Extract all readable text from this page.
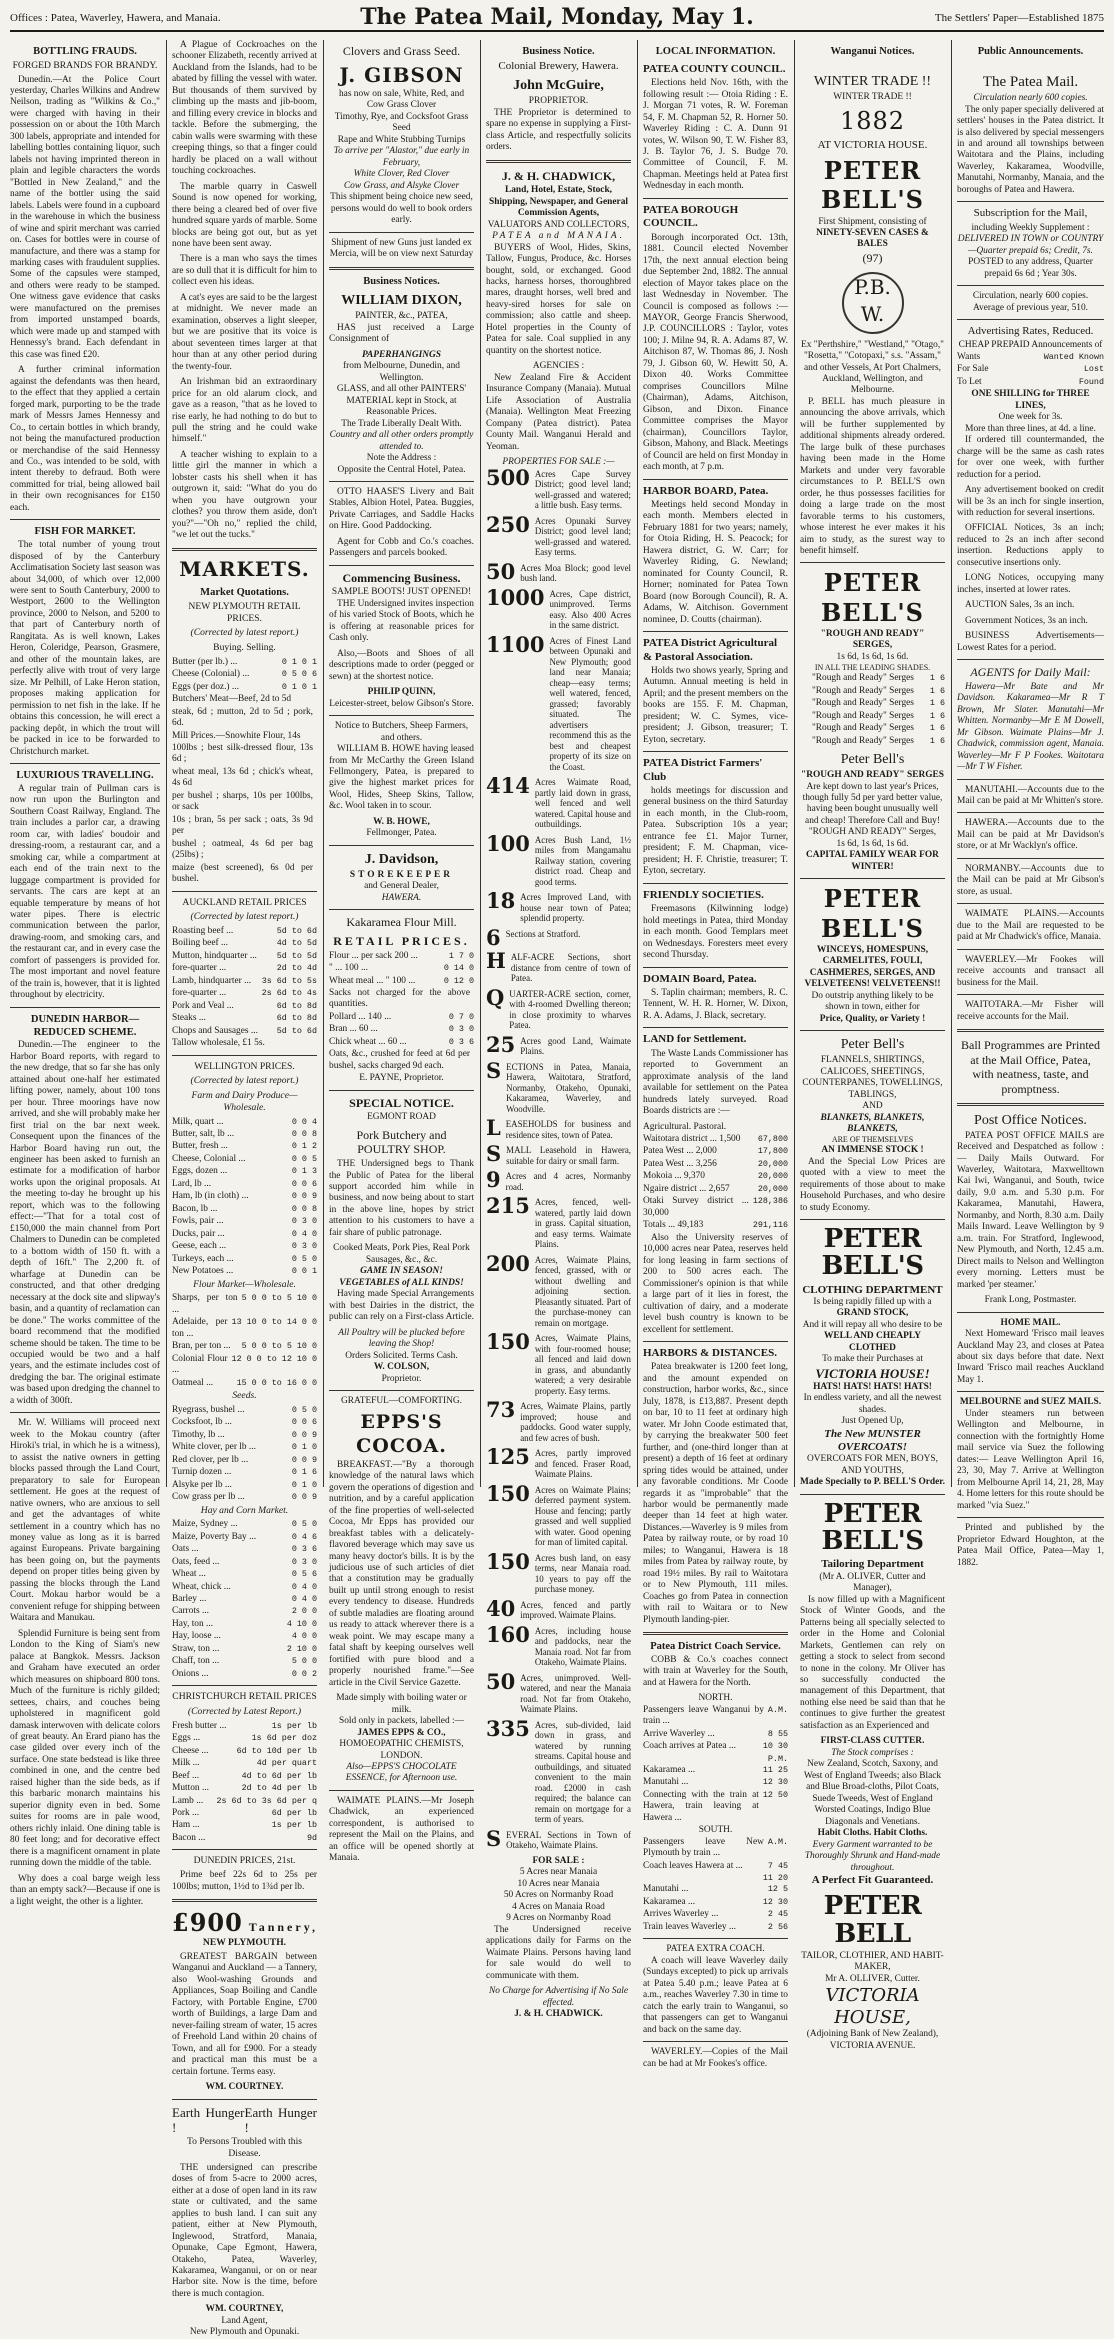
Offices : Patea, Waverley, Hawera, and Manaia.	The Patea Mail, Monday, May 1.	The Settlers' Paper—Established 1875
BOTTLING FRAUDS.
FORGED BRANDS FOR BRANDY.

Dunedin.—At the Police Court yesterday, Charles Wilkins and Andrew Neilson, trading as "Wilkins & Co.," were charged with having in their possession on or about the 10th March 300 labels, appropriate and intended for labelling bottles containing liquor, such labels not having imprinted thereon in plain and legible characters the words "Bottled in New Zealand," and the name of the bottler using the said labels. Labels were found in a cupboard in the warehouse in which the business of wine and spirit merchant was carried on. Cases for bottles were in course of manufacture, and there was a stamp for marking cases with fraudulent supplies. Some of the capsules were stamped, and others were ready to be stamped. One witness gave evidence that casks were manufactured on the premises from imported unstamped boards, which were made up and stamped with Hennessy's brand. Each defendant in this case was fined £20.

A further criminal information against the defendants was then heard, to the effect that they applied a certain forged mark, purporting to be the trade mark of Messrs James Hennessy and Co., to certain bottles in which brandy, not being the manufactured production or merchandise of the said Hennessy and Co., was intended to be sold, with intent thereby to defraud. Both were committed for trial, being allowed bail in their own recognisances for £150 each.

FISH FOR MARKET.

The total number of young trout disposed of by the Canterbury Acclimatisation Society last season was about 34,000, of which over 12,000 were sent to South Canterbury, 2000 to Westport, 2600 to the Wellington province, 2000 to Nelson, and 5200 to that part of Canterbury north of Rangitata. As is well known, Lakes Heron, Coleridge, Pearson, Grasmere, and other of the mountain lakes, are perfectly alive with trout of very large size. Mr Pelhill, of Lake Heron station, proposes making application for permission to net fish in the lake. If he obtains this concession, he will erect a packing depôt, in which the trout will be packed in ice to be forwarded to Christchurch market.

LUXURIOUS TRAVELLING.

A regular train of Pullman cars is now run upon the Burlington and Southern Coast Railway, England. The train includes a parlor car, a drawing room car, with ladies' boudoir and dressing-room, a restaurant car, and a smoking car, while a compartment at each end of the train next to the luggage compartment is provided for servants. The cars are kept at an equable temperature by means of hot water pipes. There is electric communication between the parlor, drawing-room, and smoking cars, and the restaurant car, and in every case the comfort of passengers is provided for. The most important and novel feature of the train is, however, that it is lighted throughout by electricity.

DUNEDIN HARBOR—REDUCED SCHEME.

Dunedin.—The engineer to the Harbor Board reports, with regard to the new dredge, that so far she has only attained about one-half her estimated lifting power, namely, about 100 tons per hour. Three moorings have now arrived, and she will probably make her first trial on the bar next week. Consequent upon the finances of the Harbor Board having run out, the engineer has been asked to furnish an estimate for a modification of harbor works upon the original proposals. At the meeting to-day he brought up his report, which was to the following effect:—"That for a total cost of £150,000 the main channel from Port Chalmers to Dunedin can be completed to a bottom width of 150 ft. with a depth of 16ft." The 2,200 ft. of wharfage at Dunedin can be constructed, and that other dredging necessary at the dock site and slipway's basin, and a quantity of reclamation can be done." The works committee of the board recommend that the modified scheme should be taken. The time to be occupied would be two and a half years, and the estimate includes cost of dredging the bar. The original estimate was based upon dredging the channel to a width of 300ft.

Mr. W. Williams will proceed next week to the Mokau country (after Hiroki's trial, in which he is a witness), to assist the native owners in getting blocks passed through the Land Court, preparatory to sale for European settlement. He goes at the request of native owners, who are anxious to sell and get the advantages of white settlement in a country which has no money value as long as it is barred against Europeans. Private bargaining has been going on, but the payments depend on proper titles being given by passing the blocks through the Land Court. Mokau harbor would be a convenient refuge for shipping between Waitara and Manukau.

Splendid Furniture is being sent from London to the King of Siam's new palace at Bangkok. Messrs. Jackson and Graham have executed an order which measures on shipboard 800 tons. Much of the furniture is richly gilded; settees, chairs, and couches being upholstered in magnificent gold damask interwoven with delicate colors of great beauty. An Erard piano has the case gilded over every inch of the surface. One state bedstead is like three combined in one, and the centre bed raised higher than the side beds, as if this barbaric monarch maintains his superior dignity even in bed. Some suites for rooms are in pale wood, others richly inlaid. One dining table is 80 feet long; and for decorative effect there is a magnificent ornament in plate running down the middle of the table.

Why does a coal barge weigh less than an empty sack?—Because if one is a light weight, the other is a lighter.

A Plague of Cockroaches on the schooner Elizabeth, recently arrived at Auckland from the Islands, had to be abated by filling the vessel with water. But thousands of them survived by climbing up the masts and jib-boom, and filling every crevice in blocks and tackle. Before the submerging, the cabin walls were swarming with these creeping things, so that a finger could hardly be placed on a wall without touching cockroaches.

The marble quarry in Caswell Sound is now opened for working, there being a cleared bed of over five hundred square yards of marble. Some blocks are being got out, but as yet none have been sent away.

There is a man who says the times are so dull that it is difficult for him to collect even his ideas.

A cat's eyes are said to be the largest at midnight. We never made an examination, observes a light sleeper, but we are positive that its voice is about seventeen times larger at that hour than at any other period during the twenty-four.

An Irishman bid an extraordinary price for an old alarum clock, and gave as a reason, "that as he loved to rise early, he had nothing to do but to pull the string and he could wake himself."

A teacher wishing to explain to a little girl the manner in which a lobster casts his shell when it has outgrown it, said: "What do you do when you have outgrown your clothes? you throw them aside, don't you?"—"Oh no," replied the child, "we let out the tucks."

MARKETS.
Market Quotations.
NEW PLYMOUTH RETAIL PRICES.
(Corrected by latest report.)
Buying. Selling.
Butter (per lb.) ...	0 1 0 1
Cheese (Colonial) ...	0 5 0 6
Eggs (per doz.) ...	0 1 0 1
Butchers' Meat—Beef, 2d to 5d
steak, 6d ; mutton, 2d to 5d ; pork, 6d.
Mill Prices.—Snowhite Flour, 14s
100lbs ; best silk-dressed flour, 13s 6d ;
wheat meal, 13s 6d ; chick's wheat, 4s 6d
per bushel ; sharps, 10s per 100lbs, or sack
10s ; bran, 5s per sack ; oats, 3s 9d per
bushel ; oatmeal, 4s 6d per bag (25lbs) ;
maize (best screened), 6s 0d per bushel.
AUCKLAND RETAIL PRICES
(Corrected by latest report.)
Roasting beef ...	5d to 6d
Boiling beef ...	4d to 5d
Mutton, hindquarter ...	5d to 5d
fore-quarter ...	2d to 4d
Lamb, hindquarter ...	3s 6d to 5s
fore-quarter ...	2s 6d to 4s
Pork and Veal ...	6d to 8d
Steaks ...	6d to 8d
Chops and Sausages ...	5d to 6d
Tallow wholesale, £1 5s.
WELLINGTON PRICES.
(Corrected by latest report.)
Farm and Dairy Produce—Wholesale.
Milk, quart ...	0 0 4
Butter, salt, lb ...	0 0 8
Butter, fresh ...	0 1 2
Cheese, Colonial ...	0 0 5
Eggs, dozen ...	0 1 3
Lard, lb ...	0 0 6
Ham, lb (in cloth) ...	0 0 9
Bacon, lb ...	0 0 8
Fowls, pair ...	0 3 0
Ducks, pair ...	0 4 0
Geese, each ...	0 3 0
Turkeys, each ...	0 5 0
New Potatoes ...	0 0 1
Flour Market—Wholesale.
Sharps, per ton ...
5 0 0 to 5 10 0
Adelaide, per ton ...
13 10 0 to 14 0 0
Bran, per ton ...	5 0 0 to 5 10 0
Colonial Flour ...
12 0 0 to 12 10 0
Oatmeal ...	15 0 0 to 16 0 0
Seeds.
Ryegrass, bushel ...	0 5 0
Cocksfoot, lb ...	0 0 6
Timothy, lb ...	0 0 9
White clover, per lb ...	0 1 0
Red clover, per lb ...	0 0 9
Turnip dozen ...	0 1 6
Alsyke per lb ...	0 1 0
Cow grass per lb ...	0 0 9
Hay and Corn Market.
Maize, Sydney ...	0 5 0
Maize, Poverty Bay ...	0 4 6
Oats ...	0 3 6
Oats, feed ...	0 3 0
Wheat ...	0 5 6
Wheat, chick ...	0 4 0
Barley ...	0 4 0
Carrots ...	2 0 0
Hay, ton ...	4 10 0
Hay, loose ...	4 0 0
Straw, ton ...	2 10 0
Chaff, ton ...	5 0 0
Onions ...	0 0 2
CHRISTCHURCH RETAIL PRICES
(Corrected by Latest Report.)
Fresh butter ...	1s per lb
Eggs ...	1s 6d per doz
Cheese ...	6d to 10d per lb
Milk ...	4d per quart
Beef ...	4d to 6d per lb
Mutton ...	2d to 4d per lb
Lamb ...	2s 6d to 3s 6d per q
Pork ...	6d per lb
Ham ...	1s per lb
Bacon ...	9d
DUNEDIN PRICES, 21st.

Prime beef 22s 6d to 25s per 100lbs; mutton, 1½d to 1¾d per lb.

£900 Tannery,
NEW PLYMOUTH.

GREATEST BARGAIN between Wanganui and Auckland — a Tannery, also Wool-washing Grounds and Appliances, Soap Boiling and Candle Factory, with Portable Engine, £700 worth of Buildings, a large Dam and never-failing stream of water, 15 acres of Freehold Land within 20 chains of Town, and all for £900. For a steady and practical man this must be a certain fortune. Terms easy.

WM. COURTNEY.
Earth Hunger !
Earth Hunger !
To Persons Troubled with this Disease.

THE undersigned can prescribe doses of from 5-acre to 2000 acres, either at a dose of open land in its raw state or cultivated, and the same applies to bush land. I can suit any patient, either at New Plymouth, Inglewood, Stratford, Manaia, Opunake, Cape Egmont, Hawera, Otakeho, Patea, Waverley, Kakaramea, Wanganui, or on or near Harbor site. Now is the time, before there is much contagion.

WM. COURTNEY,
Land Agent,
New Plymouth and Opunaki.
Clovers and Grass Seed.
J. GIBSON
has now on sale, White, Red, and Cow Grass Clover
Timothy, Rye, and Cocksfoot Grass Seed
Rape and White Stubbing Turnips
To arrive per "Alastor," due early in February,
White Clover, Red Clover
Cow Grass, and Alsyke Clover
This shipment being choice new seed, persons would do well to book orders early.
Shipment of new Guns just landed ex Mercia, will be on view next Saturday
Business Notices.
WILLIAM DIXON,
PAINTER, &c., PATEA,

HAS just received a Large Consignment of

PAPERHANGINGS
from Melbourne, Dunedin, and Wellington.
GLASS, and all other PAINTERS' MATERIAL kept in Stock, at Reasonable Prices.
The Trade Liberally Dealt With.
Country and all other orders promptly attended to.
Note the Address :
Opposite the Central Hotel, Patea.

OTTO HAASE'S Livery and Bait Stables, Albion Hotel, Patea. Buggies, Private Carriages, and Saddle Hacks on Hire. Good Paddocking.

Agent for Cobb and Co.'s coaches. Passengers and parcels booked.

Commencing Business.
SAMPLE BOOTS! JUST OPENED!

THE Undersigned invites inspection of his varied Stock of Boots, which he is offering at reasonable prices for Cash only.

Also,—Boots and Shoes of all descriptions made to order (pegged or sewn) at the shortest notice.

PHILIP QUINN,
Leicester-street, below Gibson's Store.
Notice to Butchers, Sheep Farmers, and others.

WILLIAM B. HOWE having leased from Mr McCarthy the Green Island Fellmongery, Patea, is prepared to give the highest market prices for Wool, Hides, Sheep Skins, Tallow, &c. Wool taken in to scour.

W. B. HOWE,
Fellmonger, Patea.
J. Davidson,
STOREKEEPER
and General Dealer,
HAWERA.
Kakaramea Flour Mill.
RETAIL PRICES.
Flour ... per sack 200 ...	1 7 0
" ... 100 ...	0 14 0
Wheat meal ... " 100 ...	0 12 0
Sacks not charged for the above quantities.
Pollard ... 140 ...	0 7 0
Bran ... 60 ...	0 3 0
Chick wheat ... 60 ...	0 3 6
Oats, &c., crushed for feed at 6d per bushel, sacks charged 9d each.
E. PAYNE, Proprietor.
SPECIAL NOTICE.
EGMONT ROAD
Pork Butchery and POULTRY SHOP.

THE Undersigned begs to Thank the Public of Patea for the liberal support accorded him while in business, and now being about to start in the above line, hopes by strict attention to his customers to have a fair share of public patronage.

Cooked Meats, Pork Pies, Real Pork Sausages, &c., &c.
GAME IN SEASON! VEGETABLES of ALL KINDS!

Having made Special Arrangements with best Dairies in the district, the public can rely on a First-class Article.

All Poultry will be plucked before leaving the Shop!
Orders Solicited. Terms Cash.
W. COLSON,
Proprietor.
GRATEFUL—COMFORTING.
EPPS'S COCOA.

BREAKFAST.—"By a thorough knowledge of the natural laws which govern the operations of digestion and nutrition, and by a careful application of the fine properties of well-selected Cocoa, Mr Epps has provided our breakfast tables with a delicately-flavored beverage which may save us many heavy doctor's bills. It is by the judicious use of such articles of diet that a constitution may be gradually built up until strong enough to resist every tendency to disease. Hundreds of subtle maladies are floating around us ready to attack wherever there is a weak point. We may escape many a fatal shaft by keeping ourselves well fortified with pure blood and a properly nourished frame."—See article in the Civil Service Gazette.

Made simply with boiling water or milk.
Sold only in packets, labelled :—
JAMES EPPS & CO.,
HOMOEOPATHIC CHEMISTS,
LONDON.
Also—EPPS'S CHOCOLATE ESSENCE, for Afternoon use.

WAIMATE PLAINS.—Mr Joseph Chadwick, an experienced correspondent, is authorised to represent the Mail on the Plains, and an office will be opened shortly at Manaia.

Business Notice.
Colonial Brewery, Hawera.
John McGuire,
PROPRIETOR.

THE Proprietor is determined to spare no expense in supplying a First-class Article, and respectfully solicits orders.

J. & H. CHADWICK,
Land, Hotel, Estate, Stock, Shipping, Newspaper, and General Commission Agents,
VALUATORS AND COLLECTORS,
PATEA and MANAIA.

BUYERS of Wool, Hides, Skins, Tallow, Fungus, Produce, &c. Horses bought, sold, or exchanged. Good hacks, harness horses, thoroughbred mares, draught horses, well bred and heavy-sired horses for sale on commission; also cattle and sheep. Hotel properties in the County of Patea for sale. Coal supplied in any quantity on the shortest notice.

AGENCIES :

New Zealand Fire & Accident Insurance Company (Manaia). Mutual Life Association of Australia (Manaia). Wellington Meat Freezing Company (Patea district). Patea County Mail. Wanganui Herald and Yeoman.

PROPERTIES FOR SALE :—
500 Acres Cape Survey District; good level land; well-grassed and watered; a little bush. Easy terms.
250 Acres Opunaki Survey District; good level land; well-grassed and watered. Easy terms.
50 Acres Moa Block; good level bush land.
1000 Acres, Cape district, unimproved. Terms easy. Also 400 Acres in the same district.
1100 Acres of Finest Land between Opunaki and New Plymouth; good land near Manaia; cheap—easy terms; well watered, fenced, grassed; favorably situated. The advertisers recommend this as the best and cheapest property of its size on the Coast.
414 Acres Waimate Road, partly laid down in grass, well fenced and well watered. Capital house and outbuildings.
100 Acres Bush Land, 1½ miles from Mangamahu Railway station, covering district road. Cheap and good terms.
18 Acres Improved Land, with house near town of Patea; splendid property.
6 Sections at Stratford.
H ALF-ACRE Sections, short distance from centre of town of Patea.
Q UARTER-ACRE section, corner, with 4-roomed Dwelling thereon; in close proximity to wharves Patea.
25 Acres good Land, Waimate Plains.
S ECTIONS in Patea, Manaia, Hawera, Waitotara, Stratford, Normanby, Otakeho, Opunaki, Kakaramea, Waverley, and Woodville.
L EASEHOLDS for business and residence sites, town of Patea.
S MALL Leasehold in Hawera, suitable for dairy or small farm.
9 Acres and 4 acres, Normanby road.
215 Acres, fenced, well-watered, partly laid down in grass. Capital situation, and easy terms. Waimate Plains.
200 Acres, Waimate Plains, fenced, grassed, with or without dwelling and adjoining section. Pleasantly situated. Part of the purchase-money can remain on mortgage.
150 Acres, Waimate Plains, with four-roomed house; all fenced and laid down in grass, and abundantly watered; a very desirable property. Easy terms.
73 Acres, Waimate Plains, partly improved; house and paddocks. Good water supply, and few acres of bush.
125 Acres, partly improved and fenced. Fraser Road, Waimate Plains.
150 Acres on Waimate Plains; deferred payment system. House and fencing; partly grassed and well supplied with water. Good opening for man of limited capital.
150 Acres bush land, on easy terms, near Manaia road. 10 years to pay off the purchase money.
40 Acres, fenced and partly improved. Waimate Plains.
160 Acres, including house and paddocks, near the Manaia road. Not far from Otakeho, Waimate Plains.
50 Acres, unimproved. Well-watered, and near the Manaia road. Not far from Otakeho, Waimate Plains.
335 Acres, sub-divided, laid down in grass, and watered by running streams. Capital house and outbuildings, and situated convenient to the main road. £2000 in cash required; the balance can remain on mortgage for a term of years.
S EVERAL Sections in Town of Otakeho, Waimate Plains.
FOR SALE :
5 Acres near Manaia
10 Acres near Manaia
50 Acres on Normanby Road
4 Acres on Manaia Road
9 Acres on Normanby Road

The Undersigned receive applications daily for Farms on the Waimate Plains. Persons having land for sale would do well to communicate with them.

No Charge for Advertising if No Sale effected.
J. & H. CHADWICK.
LOCAL INFORMATION.
PATEA COUNTY COUNCIL.

Elections held Nov. 16th, with the following result :— Otoia Riding : E. J. Morgan 71 votes, R. W. Foreman 54, F. M. Chapman 52, R. Horner 50. Waverley Riding : C. A. Dunn 91 votes, W. Wilson 90, T. W. Fisher 83, J. B. Taylor 76, J. S. Budge 70. Committee of Council, F. M. Chapman. Meetings held at Patea first Wednesday in each month.

PATEA BOROUGH COUNCIL.

Borough incorporated Oct. 13th, 1881. Council elected November 17th, the next annual election being due September 2nd, 1882. The annual election of Mayor takes place on the last Wednesday in November. The Council is composed as follows :— MAYOR, George Francis Sherwood, J.P. COUNCILLORS : Taylor, votes 100; J. Milne 94, R. A. Adams 87, W. Aitchison 87, W. Thomas 86, J. Nosh 79, J. Gibson 60, W. Hewitt 50, A. Dixon 40. Works Committee comprises Councillors Milne (Chairman), Adams, Aitchison, Gibson, and Dixon. Finance Committee comprises the Mayor (chairman), Councillors Taylor, Gibson, Mahony, and Black. Meetings of Council are held on first Monday in each month, at 7 p.m.

HARBOR BOARD, Patea.

Meetings held second Monday in each month. Members elected in February 1881 for two years; namely, for Otoia Riding, H. S. Peacock; for Hawera district, G. W. Carr; for Waverley Riding, G. Newland; nominated for County Council, R. Horner; nominated for Patea Town Board (now Borough Council), R. A. Adams, W. Aitchison. Government nominee, D. Coutts (chairman).

PATEA District Agricultural & Pastoral Association.

Holds two shows yearly, Spring and Autumn. Annual meeting is held in April; and the present members on the books are 155. F. M. Chapman, president; W. C. Symes, vice-president; J. Gibson, treasurer; T. Eyton, secretary.

PATEA District Farmers' Club

holds meetings for discussion and general business on the third Saturday in each month, in the Club-room, Patea. Subscription 10s a year; entrance fee £1. Major Turner, president; F. M. Chapman, vice-president; H. F. Christie, treasurer; T. Eyton, secretary.

FRIENDLY SOCIETIES.

Freemasons (Kilwinning lodge) hold meetings in Patea, third Monday in each month. Good Templars meet on Wednesdays. Foresters meet every second Thursday.

DOMAIN Board, Patea.

S. Taplin chairman; members, R. C. Tennent, W. H. R. Horner, W. Dixon, R. A. Adams, J. Black, secretary.

LAND for Settlement.

The Waste Lands Commissioner has reported to Government an approximate analysis of the land available for settlement on the Patea hundreds lately surveyed. Road Boards districts are :—

Agricultural. Pastoral.
Waitotara district ... 1,500	67,800
Patea West ... 2,000	17,800
Patea West ... 3,256	20,000
Mokoia ... 9,370	20,000
Ngaire district ... 2,657	20,000
Otaki Survey district ... 30,000
128,386
Totals ... 49,183	291,116

Also the University reserves of 10,000 acres near Patea, reserves held for long leasing in farm sections of 200 to 500 acres each. The Commissioner's opinion is that while a large part of it lies in forest, the cultivation of dairy, and a moderate level bush country is known to be excellent for settlement.

HARBORS & DISTANCES.

Patea breakwater is 1200 feet long, and the amount expended on construction, harbor works, &c., since July, 1878, is £13,887. Present depth on bar, 10 to 11 feet at ordinary high water. Mr John Coode estimated that, by carrying the breakwater 500 feet further, and (one-third longer than at present) a depth of 16 feet at ordinary spring tides would be attained, under any favorable conditions. Mr Coode regards it as "improbable" that the harbor would be permanently made deeper than 14 feet at high water. Distances.—Waverley is 9 miles from Patea by railway route, or by road 10 miles; to Wanganui, Hawera is 18 miles from Patea by railway route, by road 19½ miles. By rail to Waitotara or to New Plymouth, 111 miles. Coaches go from Patea in connection with rail to Waitara or to New Plymouth landing-pier.

Patea District Coach Service.

COBB & Co.'s coaches connect with train at Waverley for the South, and at Hawera for the North.

NORTH.
Passengers leave Wanganui by train ...
A.M.
Arrive Waverley ...	8 55
Coach arrives at Patea ...	10 30
P.M.
Kakaramea ...	11 25
Manutahi ...	12 30
Connecting with the train at Hawera, train leaving at Hawera ...
12 50
SOUTH.
Passengers leave New Plymouth by train ...
A.M.
Coach leaves Hawera at ...	7 45
11 20
Manutahi ...	12 5
Kakaramea ...	12 30
Arrives Waverley ...	2 45
Train leaves Waverley ...	2 56
PATEA EXTRA COACH.

A coach will leave Waverley daily (Sundays excepted) to pick up arrivals at Patea 5.40 p.m.; leave Patea at 6 a.m., reaches Waverley 7.30 in time to catch the early train to Wanganui, so that passengers can get to Wanganui and back on the same day.

WAVERLEY.—Copies of the Mail can be had at Mr Fookes's office.

Wanganui Notices.
WINTER TRADE !!
WINTER TRADE !!
1882
AT VICTORIA HOUSE.
PETER BELL'S
First Shipment, consisting of
NINETY-SEVEN CASES & BALES
(97)
P.B.
W.
Ex "Perthshire," "Westland," "Otago," "Rosetta," "Cotopaxi," s.s. "Assam," and other Vessels, At Port Chalmers, Auckland, Wellington, and Melbourne.

P. BELL has much pleasure in announcing the above arrivals, which will be further supplemented by additional shipments already ordered. The large bulk of these purchases having been made in the Home Markets and under very favorable circumstances to P. BELL'S own order, he thus possesses facilities for doing a large trade on the most favorable terms to his customers, whose interest he ever makes it his aim to study, as the surest way to benefit himself.

PETER BELL'S
"ROUGH AND READY" SERGES,
1s 6d, 1s 6d, 1s 6d.
IN ALL THE LEADING SHADES.
"Rough and Ready" Serges	1 6
"Rough and Ready" Serges	1 6
"Rough and Ready" Serges	1 6
"Rough and Ready" Serges	1 6
"Rough and Ready" Serges	1 6
"Rough and Ready" Serges	1 6
Peter Bell's
"ROUGH AND READY" SERGES
Are kept down to last year's Prices, though fully 5d per yard better value, having been bought unusually well and cheap! Therefore Call and Buy!
"ROUGH AND READY" Serges,
1s 6d, 1s 6d, 1s 6d.
CAPITAL FAMILY WEAR FOR WINTER!
PETER BELL'S
WINCEYS, HOMESPUNS, CARMELITES, FOULI, CASHMERES, SERGES, AND
VELVETEENS! VELVETEENS!!
Do outstrip anything likely to be shown in town, either for
Price, Quality, or Variety !
Peter Bell's
FLANNELS, SHIRTINGS, CALICOES, SHEETINGS, COUNTERPANES, TOWELLINGS, TABLINGS,
AND
BLANKETS, BLANKETS, BLANKETS,
ARE OF THEMSELVES
AN IMMENSE STOCK !

And the Special Low Prices are quoted with a view to meet the requirements of those about to make Household Purchases, and who desire to study Economy.

PETER BELL'S
CLOTHING DEPARTMENT
Is being rapidly filled up with a
GRAND STOCK,
And it will repay all who desire to be
WELL AND CHEAPLY CLOTHED
To make their Purchases at
VICTORIA HOUSE!
HATS! HATS! HATS! HATS!
In endless variety, and all the newest shades.
Just Opened Up,
The New MUNSTER OVERCOATS!
OVERCOATS FOR MEN, BOYS, AND YOUTHS,
Made Specially to P. BELL'S Order.
PETER BELL'S
Tailoring Department
(Mr A. OLIVER, Cutter and Manager),

Is now filled up with a Magnificent Stock of Winter Goods, and the Patterns being all specially selected to order in the Home and Colonial Markets, Gentlemen can rely on getting a stock to select from second to none in the colony. Mr Oliver has so successfully conducted the management of this Department, that nothing else need be said than that he continues to give further the greatest satisfaction as an Experienced and

FIRST-CLASS CUTTER.
The Stock comprises :
New Zealand, Scotch, Saxony, and West of England Tweeds; also Black and Blue Broad-cloths, Pilot Coats, Suede Tweeds, West of England Worsted Coatings, Indigo Blue Diagonals and Venetians.
Habit Cloths. Habit Cloths.
Every Garment warranted to be Thoroughly Shrunk and Hand-made throughout.
A Perfect Fit Guaranteed.
PETER BELL
TAILOR, CLOTHIER, AND HABIT-MAKER,
Mr A. OLLIVER, Cutter.
VICTORIA HOUSE,
(Adjoining Bank of New Zealand),
VICTORIA AVENUE.
Public Announcements.
The Patea Mail.
Circulation nearly 600 copies.

The only paper specially delivered at settlers' houses in the Patea district. It is also delivered by special messengers in and around all townships between Waitotara and the Plains, including Waverley, Kakaramea, Woodville, Manutahi, Normanby, Manaia, and the boroughs of Patea and Hawera.

Subscription for the Mail,
including Weekly Supplement :
DELIVERED IN TOWN or COUNTRY —Quarter prepaid 6s; Credit, 7s.
POSTED to any address, Quarter prepaid 6s 6d ; Year 30s.
Circulation, nearly 600 copies.
Average of previous year, 510.
Advertising Rates, Reduced.
CHEAP PREPAID Announcements of
Wants	Wanted Known
For Sale	Lost
To Let	Found
ONE SHILLING for THREE LINES,
One week for 3s.
More than three lines, at 4d. a line.

If ordered till countermanded, the charge will be the same as cash rates for over one week, with further reduction for a period.

Any advertisement booked on credit will be 3s an inch for single insertion, with reduction for several insertions.

OFFICIAL Notices, 3s an inch; reduced to 2s an inch after second insertion. Reductions apply to consecutive insertions only.

LONG Notices, occupying many inches, inserted at lower rates.

AUCTION Sales, 3s an inch.

Government Notices, 3s an inch.

BUSINESS Advertisements—Lowest Rates for a period.

AGENTS for Daily Mail:

Hawera—Mr Bate and Mr Davidson. Kakaramea—Mr R T Brown, Mr Slater. Manutahi—Mr Whitten. Normanby—Mr E M Dowell, Mr Gibson. Waimate Plains—Mr J. Chadwick, commission agent, Manaia. Waverley—Mr F P Fookes. Waitotara—Mr T W Fisher.

MANUTAHI.—Accounts due to the Mail can be paid at Mr Whitten's store.

HAWERA.—Accounts due to the Mail can be paid at Mr Davidson's store, or at Mr Wacklyn's office.

NORMANBY.—Accounts due to the Mail can be paid at Mr Gibson's store, as usual.

WAIMATE PLAINS.—Accounts due to the Mail are requested to be paid at Mr Chadwick's office, Manaia.

WAVERLEY.—Mr Fookes will receive accounts and transact all business for the Mail.

WAITOTARA.—Mr Fisher will receive accounts for the Mail.

Ball Programmes are Printed
at the Mail Office, Patea,
with neatness, taste, and
promptness.
Post Office Notices.

PATEA POST OFFICE MAILS are Received and Despatched as follow :— Daily Mails Outward. For Waverley, Waitotara, Maxwelltown Kai Iwi, Wanganui, and South, twice daily, 9.0 a.m. and 5.30 p.m. For Kakaramea, Manutahi, Hawera, Normanby, and North, 8.30 a.m. Daily Mails Inward. Leave Wellington by 9 a.m. train. For Stratford, Inglewood, New Plymouth, and North, 12.45 a.m. Direct mails to Nelson and Wellington every morning. Letters must be marked 'per steamer.'

Frank Long, Postmaster.
HOME MAIL.

Next Homeward 'Frisco mail leaves Auckland May 23, and closes at Patea about six days before that date. Next Inward 'Frisco mail reaches Auckland May 1.

MELBOURNE and SUEZ MAILS.

Under steamers run between Wellington and Melbourne, in connection with the fortnightly Home mail service via Suez the following dates:— Leave Wellington April 16, 23, 30, May 7. Arrive at Wellington from Melbourne April 14, 21, 28, May 4. Home letters for this route should be marked "via Suez."

Printed and published by the Proprietor Edward Houghton, at the Patea Mail Office, Patea—May 1, 1882.
